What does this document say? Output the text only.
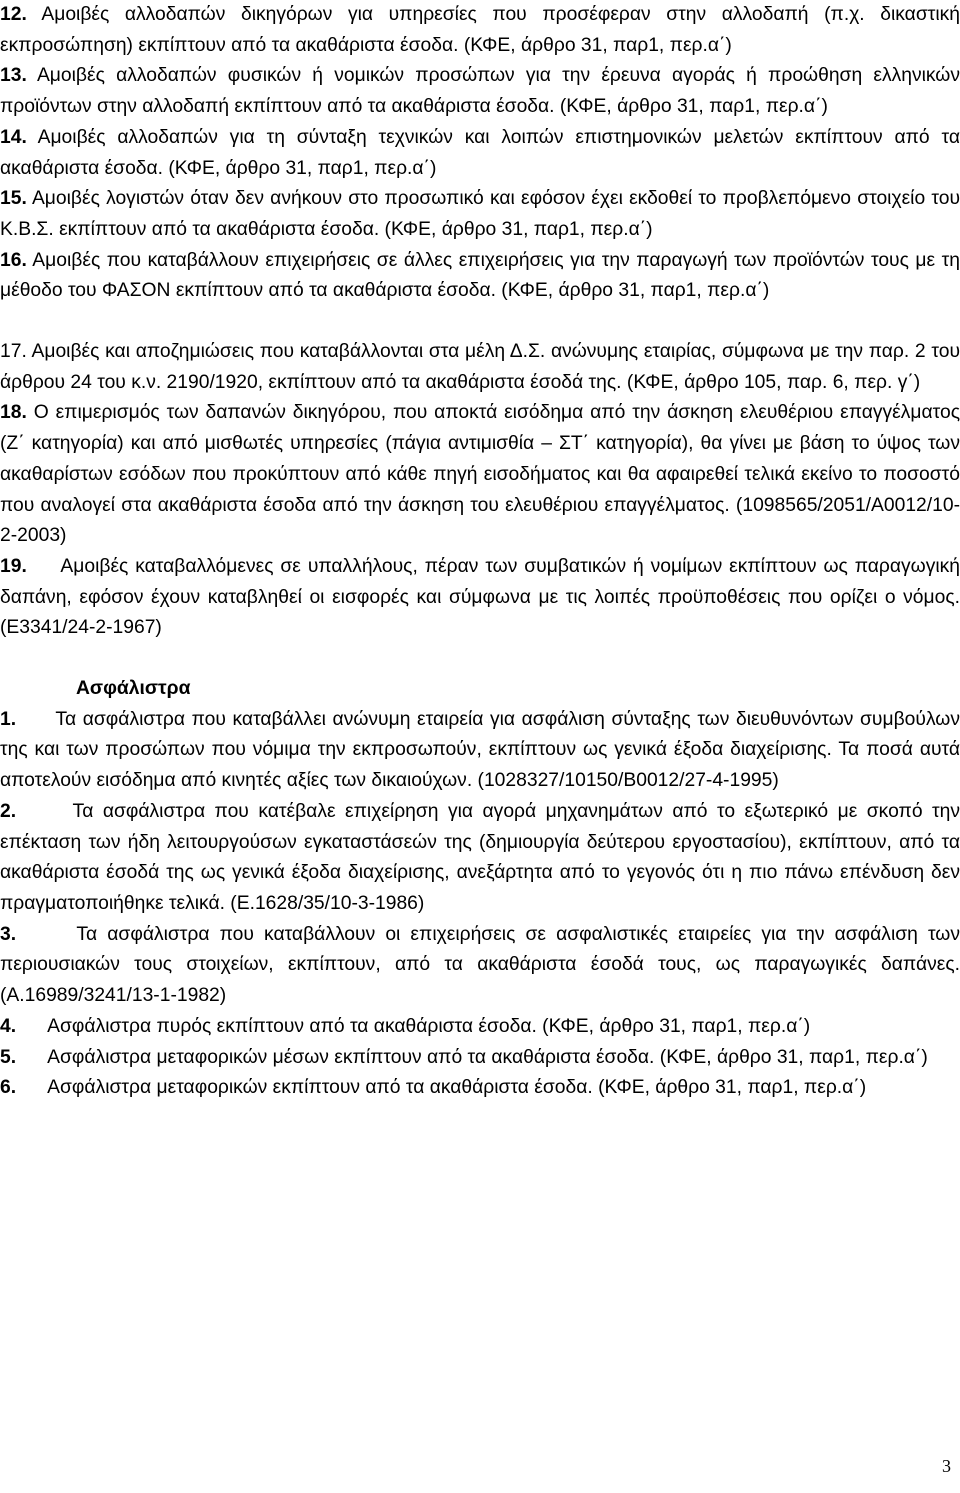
12. Αμοιβές αλλοδαπών δικηγόρων για υπηρεσίες που προσέφεραν στην αλλοδαπή (π.χ. δικαστική εκπροσώπηση) εκπίπτουν από τα ακαθάριστα έσοδα. (ΚΦΕ, άρθρο 31, παρ1, περ.α΄)

13. Αμοιβές αλλοδαπών φυσικών ή νομικών προσώπων για την έρευνα αγοράς ή προώθηση ελληνικών προϊόντων στην αλλοδαπή εκπίπτουν από τα ακαθάριστα έσοδα. (ΚΦΕ, άρθρο 31, παρ1, περ.α΄)

14. Αμοιβές αλλοδαπών για τη σύνταξη τεχνικών και λοιπών επιστημονικών μελετών εκπίπτουν από τα ακαθάριστα έσοδα. (ΚΦΕ, άρθρο 31, παρ1, περ.α΄)

15. Αμοιβές λογιστών όταν δεν ανήκουν στο προσωπικό και εφόσον έχει εκδοθεί το προβλεπόμενο στοιχείο του Κ.Β.Σ. εκπίπτουν από τα ακαθάριστα έσοδα. (ΚΦΕ, άρθρο 31, παρ1, περ.α΄)

16. Αμοιβές που καταβάλλουν επιχειρήσεις σε άλλες επιχειρήσεις για την παραγωγή των προϊόντών τους με τη μέθοδο του ΦΑΣΟΝ εκπίπτουν από τα ακαθάριστα έσοδα. (ΚΦΕ, άρθρο 31, παρ1, περ.α΄)

17. Αμοιβές και αποζημιώσεις που καταβάλλονται στα μέλη Δ.Σ. ανώνυμης εταιρίας, σύμφωνα με την παρ. 2 του άρθρου 24 του κ.ν. 2190/1920, εκπίπτουν από τα ακαθάριστα έσοδά της. (ΚΦΕ, άρθρο 105, παρ. 6, περ. γ΄)

18. Ο επιμερισμός των δαπανών δικηγόρου, που αποκτά εισόδημα από την άσκηση ελευθέριου επαγγέλματος (Ζ΄ κατηγορία) και από μισθωτές υπηρεσίες (πάγια αντιμισθία – ΣΤ΄ κατηγορία), θα γίνει με βάση το ύψος των ακαθαρίστων εσόδων που προκύπτουν από κάθε πηγή εισοδήματος και θα αφαιρεθεί τελικά εκείνο το ποσοστό που αναλογεί στα ακαθάριστα έσοδα από την άσκηση του ελευθέριου επαγγέλματος. (1098565/2051/Α0012/10-2-2003)

19.     Αμοιβές καταβαλλόμενες σε υπαλλήλους, πέραν των συμβατικών ή νομίμων εκπίπτουν ως παραγωγική δαπάνη, εφόσον έχουν καταβληθεί οι εισφορές και σύμφωνα με τις λοιπές προϋποθέσεις που ορίζει ο νόμος. (Ε3341/24-2-1967)

Ασφάλιστρα

1.      Τα ασφάλιστρα που καταβάλλει ανώνυμη εταιρεία για ασφάλιση σύνταξης των διευθυνόντων συμβούλων της και των προσώπων που νόμιμα την εκπροσωπούν, εκπίπτουν ως γενικά έξοδα διαχείρισης. Τα ποσά αυτά αποτελούν εισόδημα από κινητές αξίες των δικαιούχων. (1028327/10150/Β0012/27-4-1995)

2.	Τα ασφάλιστρα που κατέβαλε επιχείρηση για αγορά μηχανημάτων από το εξωτερικό με σκοπό την επέκταση των ήδη λειτουργούσων εγκαταστάσεών της (δημιουργία δεύτερου εργοστασίου), εκπίπτουν, από τα ακαθάριστα έσοδά της ως γενικά έξοδα διαχείρισης, ανεξάρτητα από το γεγονός ότι η πιο πάνω επένδυση δεν πραγματοποιήθηκε τελικά. (Ε.1628/35/10-3-1986)

3.	Τα ασφάλιστρα που καταβάλλουν οι επιχειρήσεις σε ασφαλιστικές εταιρείες για την ασφάλιση των περιουσιακών τους στοιχείων, εκπίπτουν, από τα ακαθάριστα έσοδά τους, ως παραγωγικές δαπάνες. (Α.16989/3241/13-1-1982)

4.      Ασφάλιστρα πυρός εκπίπτουν από τα ακαθάριστα έσοδα. (ΚΦΕ, άρθρο 31, παρ1, περ.α΄)

5.      Ασφάλιστρα μεταφορικών μέσων εκπίπτουν από τα ακαθάριστα έσοδα. (ΚΦΕ, άρθρο 31, παρ1, περ.α΄)

6.      Ασφάλιστρα μεταφορικών εκπίπτουν από τα ακαθάριστα έσοδα. (ΚΦΕ, άρθρο 31, παρ1, περ.α΄)

3
